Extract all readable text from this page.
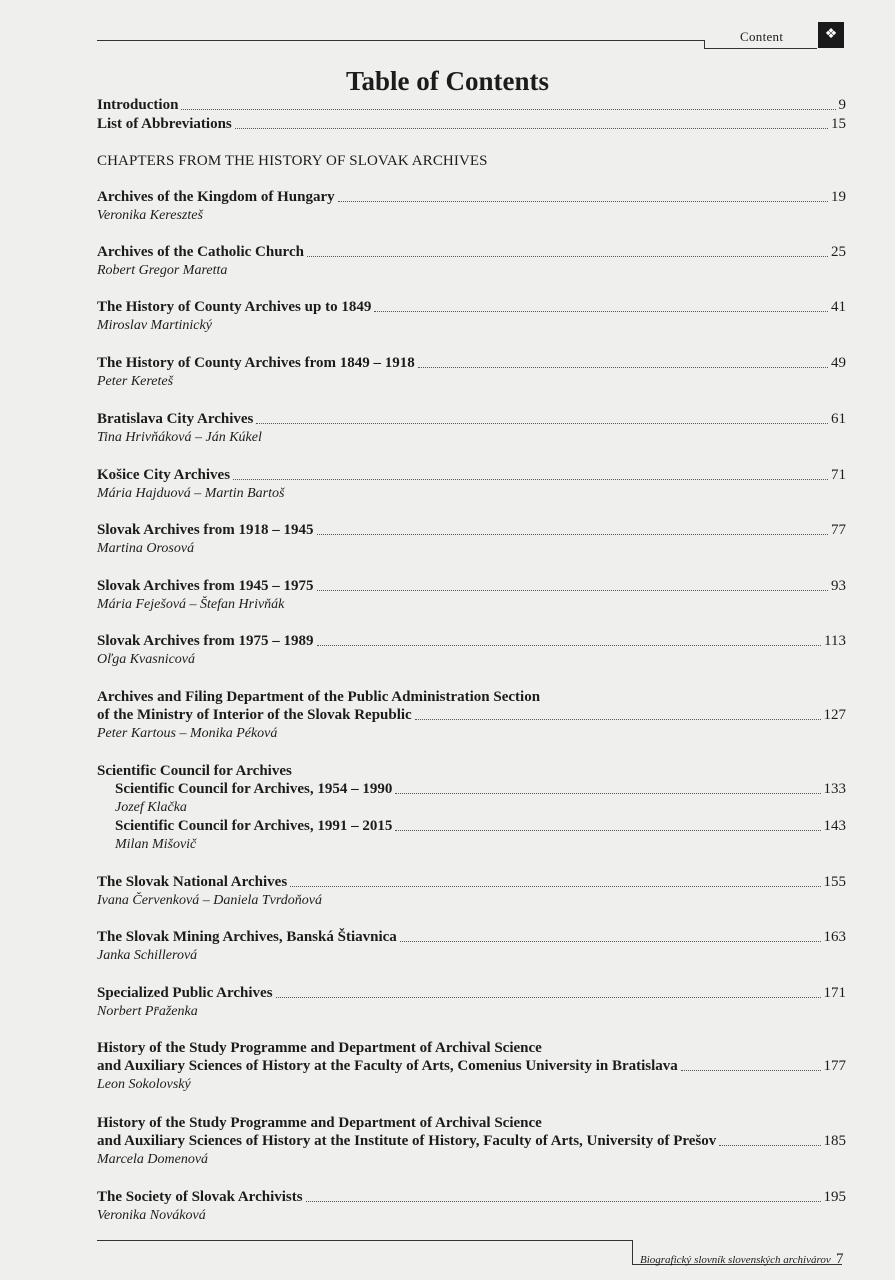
Content	❖
Table of Contents
Introduction	9
List of Abbreviations	15
CHAPTERS FROM THE HISTORY OF SLOVAK ARCHIVES
Archives of the Kingdom of Hungary	19
Veronika Kereszteš
Archives of the Catholic Church	25
Robert Gregor Maretta
The History of County Archives up to 1849	41
Miroslav Martinický
The History of County Archives from 1849 – 1918	49
Peter Kereteš
Bratislava City Archives	61
Tina Hrivňáková – Ján Kúkel
Košice City Archives	71
Mária Hajduová – Martin Bartoš
Slovak Archives from 1918 – 1945	77
Martina Orosová
Slovak Archives from 1945 – 1975	93
Mária Feješová – Štefan Hrivňák
Slovak Archives from 1975 – 1989	113
Oľga Kvasnicová
Archives and Filing Department of the Public Administration Section
of the Ministry of Interior of the Slovak Republic	127
Peter Kartous – Monika Péková
Scientific Council for Archives
Scientific Council for Archives, 1954 – 1990	133
Jozef Klačka
Scientific Council for Archives, 1991 – 2015	143
Milan Mišovič
The Slovak National Archives	155
Ivana Červenková – Daniela Tvrdoňová
The Slovak Mining Archives, Banská Štiavnica	163
Janka Schillerová
Specialized Public Archives	171
Norbert Pr̄aženka
History of the Study Programme and Department of Archival Science
and Auxiliary Sciences of History at the Faculty of Arts, Comenius University in Bratislava	177
Leon Sokolovský
History of the Study Programme and Department of Archival Science
and Auxiliary Sciences of History at the Institute of History, Faculty of Arts, University of Prešov	185
Marcela Domenová
The Society of Slovak Archivists	195
Veronika Nováková
Biografický slovník slovenských archivárov 7
